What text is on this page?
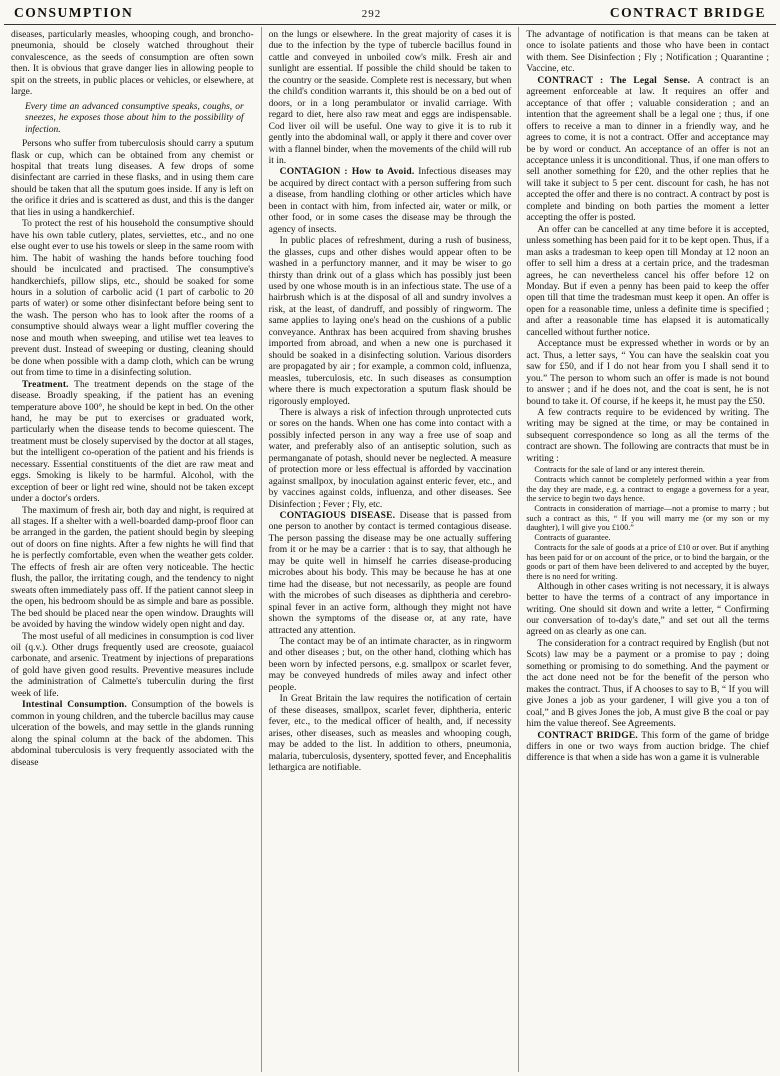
CONSUMPTION	292	CONTRACT BRIDGE

diseases, particularly measles, whooping cough, and broncho-pneumonia, should be closely watched throughout their convalescence, as the seeds of consumption are often sown then. It is obvious that grave danger lies in allowing people to spit on the streets, in public places or vehicles, or elsewhere, at large.

Every time an advanced consumptive speaks, coughs, or sneezes, he exposes those about him to the possibility of infection.

Persons who suffer from tuberculosis should carry a sputum flask or cup, which can be obtained from any chemist or hospital that treats lung diseases. A few drops of some disinfectant are carried in these flasks, and in using them care should be taken that all the sputum goes inside. If any is left on the orifice it dries and is scattered as dust, and this is the danger that lies in using a handkerchief.

To protect the rest of his household the consumptive should have his own table cutlery, plates, serviettes, etc., and no one else ought ever to use his towels or sleep in the same room with him. The habit of washing the hands before touching food should be inculcated and practised. The consumptive's handkerchiefs, pillow slips, etc., should be soaked for some hours in a solution of carbolic acid (1 part of carbolic to 20 parts of water) or some other disinfectant before being sent to the wash. The person who has to look after the rooms of a consumptive should always wear a light muffler covering the nose and mouth when sweeping, and utilise wet tea leaves to prevent dust. Instead of sweeping or dusting, cleaning should be done when possible with a damp cloth, which can be wrung out from time to time in a disinfecting solution.

Treatment. The treatment depends on the stage of the disease. Broadly speaking, if the patient has an evening temperature above 100°, he should be kept in bed. On the other hand, he may be put to exercises or graduated work, particularly when the disease tends to become quiescent. The treatment must be closely supervised by the doctor at all stages, but the intelligent co-operation of the patient and his friends is necessary. Essential constituents of the diet are raw meat and eggs. Smoking is likely to be harmful. Alcohol, with the exception of beer or light red wine, should not be taken except under a doctor's orders.

The maximum of fresh air, both day and night, is required at all stages. If a shelter with a well-boarded damp-proof floor can be arranged in the garden, the patient should begin by sleeping out of doors on fine nights. After a few nights he will find that he is perfectly comfortable, even when the weather gets colder. The effects of fresh air are often very noticeable. The hectic flush, the pallor, the irritating cough, and the tendency to night sweats often immediately pass off. If the patient cannot sleep in the open, his bedroom should be as simple and bare as possible. The bed should be placed near the open window. Draughts will be avoided by having the window widely open night and day.

The most useful of all medicines in consumption is cod liver oil (q.v.). Other drugs frequently used are creosote, guaiacol carbonate, and arsenic. Treatment by injections of preparations of gold have given good results. Preventive measures include the administration of Calmette's tuberculin during the first week of life.

Intestinal Consumption. Consumption of the bowels is common in young children, and the tubercle bacillus may cause ulceration of the bowels, and may settle in the glands running along the spinal column at the back of the abdomen. This abdominal tuberculosis is very frequently associated with the disease

on the lungs or elsewhere. In the great majority of cases it is due to the infection by the type of tubercle bacillus found in cattle and conveyed in unboiled cow's milk. Fresh air and sunlight are essential. If possible the child should be taken to the country or the seaside. Complete rest is necessary, but when the child's condition warrants it, this should be on a bed out of doors, or in a long perambulator or invalid carriage. With regard to diet, here also raw meat and eggs are indispensable. Cod liver oil will be useful. One way to give it is to rub it gently into the abdominal wall, or apply it there and cover over with a flannel binder, when the movements of the child will rub it in.

CONTAGION : How to Avoid. Infectious diseases may be acquired by direct contact with a person suffering from such a disease, from handling clothing or other articles which have been in contact with him, from infected air, water or milk, or other food, or in some cases the disease may be through the agency of insects.

In public places of refreshment, during a rush of business, the glasses, cups and other dishes would appear often to be washed in a perfunctory manner, and it may be wiser to go thirsty than drink out of a glass which has possibly just been used by one whose mouth is in an infectious state. The use of a hairbrush which is at the disposal of all and sundry involves a risk, at the least, of dandruff, and possibly of ringworm. The same applies to laying one's head on the cushions of a public conveyance. Anthrax has been acquired from shaving brushes imported from abroad, and when a new one is purchased it should be soaked in a disinfecting solution. Various disorders are propagated by air ; for example, a common cold, influenza, measles, tuberculosis, etc. In such diseases as consumption where there is much expectoration a sputum flask should be rigorously employed.

There is always a risk of infection through unprotected cuts or sores on the hands. When one has come into contact with a possibly infected person in any way a free use of soap and water, and preferably also of an antiseptic solution, such as permanganate of potash, should never be neglected. A measure of protection more or less effectual is afforded by vaccination against smallpox, by inoculation against enteric fever, etc., and by vaccines against colds, influenza, and other diseases. See Disinfection ; Fever ; Fly, etc.

CONTAGIOUS DISEASE. Disease that is passed from one person to another by contact is termed contagious disease. The person passing the disease may be one actually suffering from it or he may be a carrier : that is to say, that although he may be quite well in himself he carries disease-producing microbes about his body. This may be because he has at one time had the disease, but not necessarily, as people are found with the microbes of such diseases as diphtheria and cerebro-spinal fever in an active form, although they might not have shown the symptoms of the disease or, at any rate, have attracted any attention.

The contact may be of an intimate character, as in ringworm and other diseases ; but, on the other hand, clothing which has been worn by infected persons, e.g. smallpox or scarlet fever, may be conveyed hundreds of miles away and infect other people.

In Great Britain the law requires the notification of certain of these diseases, smallpox, scarlet fever, diphtheria, enteric fever, etc., to the medical officer of health, and, if necessity arises, other diseases, such as measles and whooping cough, may be added to the list. In addition to others, pneumonia, malaria, tuberculosis, dysentery, spotted fever, and Encephalitis lethargica are notifiable.

The advantage of notification is that means can be taken at once to isolate patients and those who have been in contact with them. See Disinfection ; Fly ; Notification ; Quarantine ; Vaccine, etc.

CONTRACT : The Legal Sense. A contract is an agreement enforceable at law. It requires an offer and acceptance of that offer ; valuable consideration ; and an intention that the agreement shall be a legal one ; thus, if one offers to receive a man to dinner in a friendly way, and he agrees to come, it is not a contract. Offer and acceptance may be by word or conduct. An acceptance of an offer is not an acceptance unless it is unconditional. Thus, if one man offers to sell another something for £20, and the other replies that he will take it subject to 5 per cent. discount for cash, he has not accepted the offer and there is no contract. A contract by post is complete and binding on both parties the moment a letter accepting the offer is posted.

An offer can be cancelled at any time before it is accepted, unless something has been paid for it to be kept open. Thus, if a man asks a tradesman to keep open till Monday at 12 noon an offer to sell him a dress at a certain price, and the tradesman agrees, he can nevertheless cancel his offer before 12 on Monday. But if even a penny has been paid to keep the offer open till that time the tradesman must keep it open. An offer is open for a reasonable time, unless a definite time is specified ; and after a reasonable time has elapsed it is automatically cancelled without further notice.

Acceptance must be expressed whether in words or by an act. Thus, a letter says, “ You can have the sealskin coat you saw for £50, and if I do not hear from you I shall send it to you.” The person to whom such an offer is made is not bound to answer ; and if he does not, and the coat is sent, he is not bound to take it. Of course, if he keeps it, he must pay the £50.

A few contracts require to be evidenced by writing. The writing may be signed at the time, or may be contained in subsequent correspondence so long as all the terms of the contract are shown. The following are contracts that must be in writing :

Contracts for the sale of land or any interest therein.

Contracts which cannot be completely performed within a year from the day they are made, e.g. a contract to engage a governess for a year, the service to begin two days hence.

Contracts in consideration of marriage—not a promise to marry ; but such a contract as this, “ If you will marry me (or my son or my daughter), I will give you £100.”

Contracts of guarantee.

Contracts for the sale of goods at a price of £10 or over. But if anything has been paid for or on account of the price, or to bind the bargain, or the goods or part of them have been delivered to and accepted by the buyer, there is no need for writing.

Although in other cases writing is not necessary, it is always better to have the terms of a contract of any importance in writing. One should sit down and write a letter, “ Confirming our conversation of to-day's date,” and set out all the terms agreed on as clearly as one can.

The consideration for a contract required by English (but not Scots) law may be a payment or a promise to pay ; doing something or promising to do something. And the payment or the act done need not be for the benefit of the person who makes the contract. Thus, if A chooses to say to B, “ If you will give Jones a job as your gardener, I will give you a ton of coal,” and B gives Jones the job, A must give B the coal or pay him the value thereof. See Agreements.

CONTRACT BRIDGE. This form of the game of bridge differs in one or two ways from auction bridge. The chief difference is that when a side has won a game it is vulnerable
